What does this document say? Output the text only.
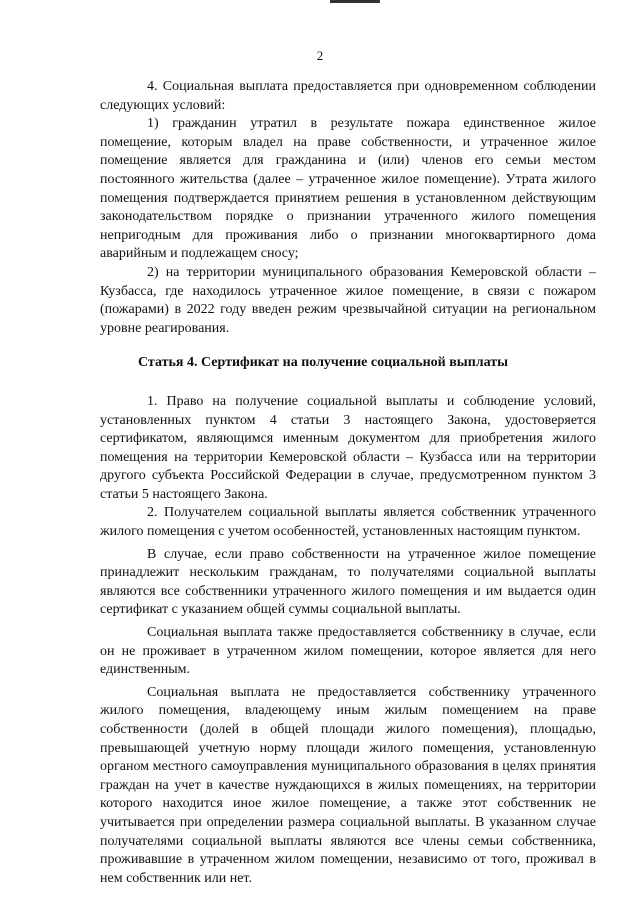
2

4. Социальная выплата предоставляется при одновременном соблюдении следующих условий:

1) гражданин утратил в результате пожара единственное жилое помещение, которым владел на праве собственности, и утраченное жилое помещение является для гражданина и (или) членов его семьи местом постоянного жительства (далее – утраченное жилое помещение). Утрата жилого помещения подтверждается принятием решения в установленном действующим законодательством порядке о признании утраченного жилого помещения непригодным для проживания либо о признании многоквартирного дома аварийным и подлежащем сносу;

2) на территории муниципального образования Кемеровской области – Кузбасса, где находилось утраченное жилое помещение, в связи с пожаром (пожарами) в 2022 году введен режим чрезвычайной ситуации на региональном уровне реагирования.

Статья 4. Сертификат на получение социальной выплаты

1. Право на получение социальной выплаты и соблюдение условий, установленных пунктом 4 статьи 3 настоящего Закона, удостоверяется сертификатом, являющимся именным документом для приобретения жилого помещения на территории Кемеровской области – Кузбасса или на территории другого субъекта Российской Федерации в случае, предусмотренном пунктом 3 статьи 5 настоящего Закона.

2. Получателем социальной выплаты является собственник утраченного жилого помещения с учетом особенностей, установленных настоящим пунктом.

В случае, если право собственности на утраченное жилое помещение принадлежит нескольким гражданам, то получателями социальной выплаты являются все собственники утраченного жилого помещения и им выдается один сертификат с указанием общей суммы социальной выплаты.

Социальная выплата также предоставляется собственнику в случае, если он не проживает в утраченном жилом помещении, которое является для него единственным.

Социальная выплата не предоставляется собственнику утраченного жилого помещения, владеющему иным жилым помещением на праве собственности (долей в общей площади жилого помещения), площадью, превышающей учетную норму площади жилого помещения, установленную органом местного самоуправления муниципального образования в целях принятия граждан на учет в качестве нуждающихся в жилых помещениях, на территории которого находится иное жилое помещение, а также этот собственник не учитывается при определении размера социальной выплаты. В указанном случае получателями социальной выплаты являются все члены семьи собственника, проживавшие в утраченном жилом помещении, независимо от того, проживал в нем собственник или нет.
